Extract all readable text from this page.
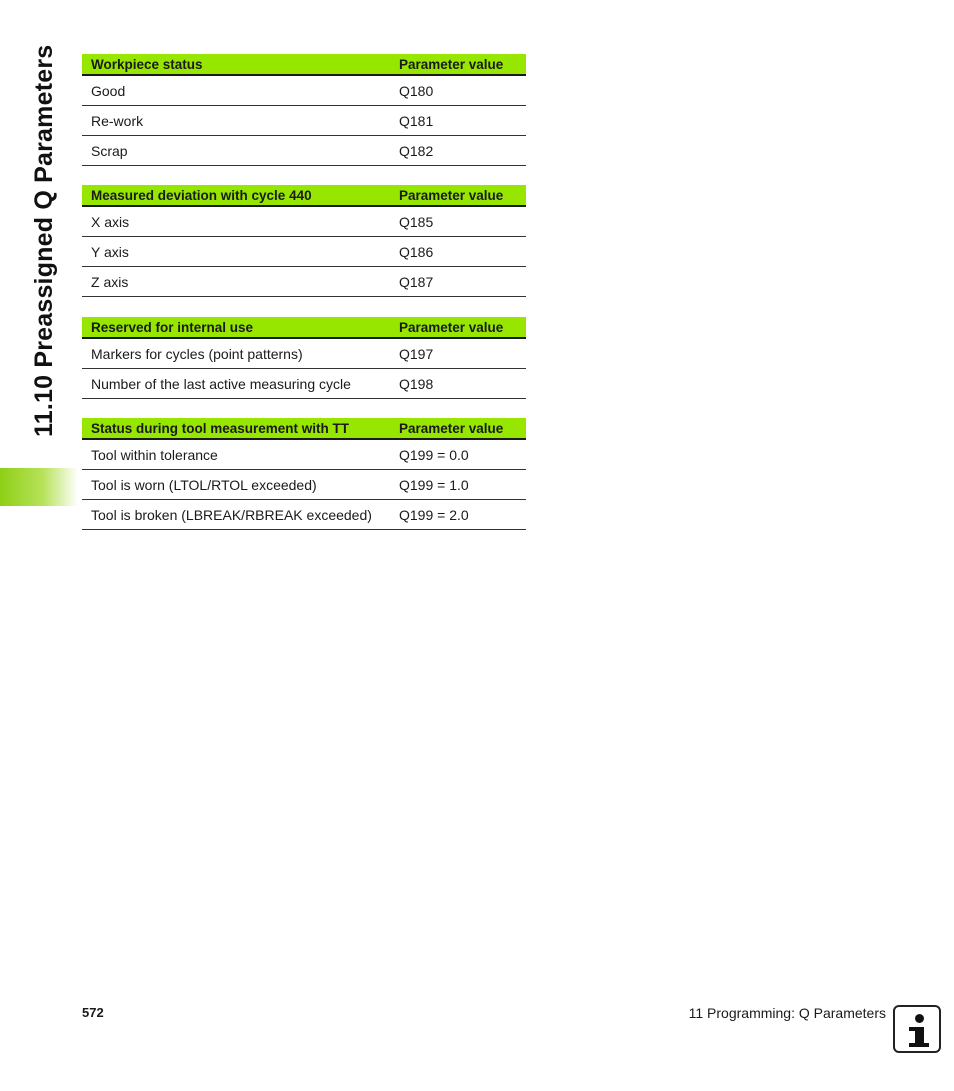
11.10 Preassigned Q Parameters Workpiece status	Parameter value
Good	Q180
Re-work	Q181
Scrap	Q182
Measured deviation with cycle 440	Parameter value
X axis	Q185
Y axis	Q186
Z axis	Q187
Reserved for internal use	Parameter value
Markers for cycles (point patterns)	Q197
Number of the last active measuring cycle	Q198
Status during tool measurement with TT	Parameter value
Tool within tolerance	Q199 = 0.0
Tool is worn (LTOL/RTOL exceeded)	Q199 = 1.0
Tool is broken (LBREAK/RBREAK exceeded)	Q199 = 2.0
572	11 Programming: Q Parameters
